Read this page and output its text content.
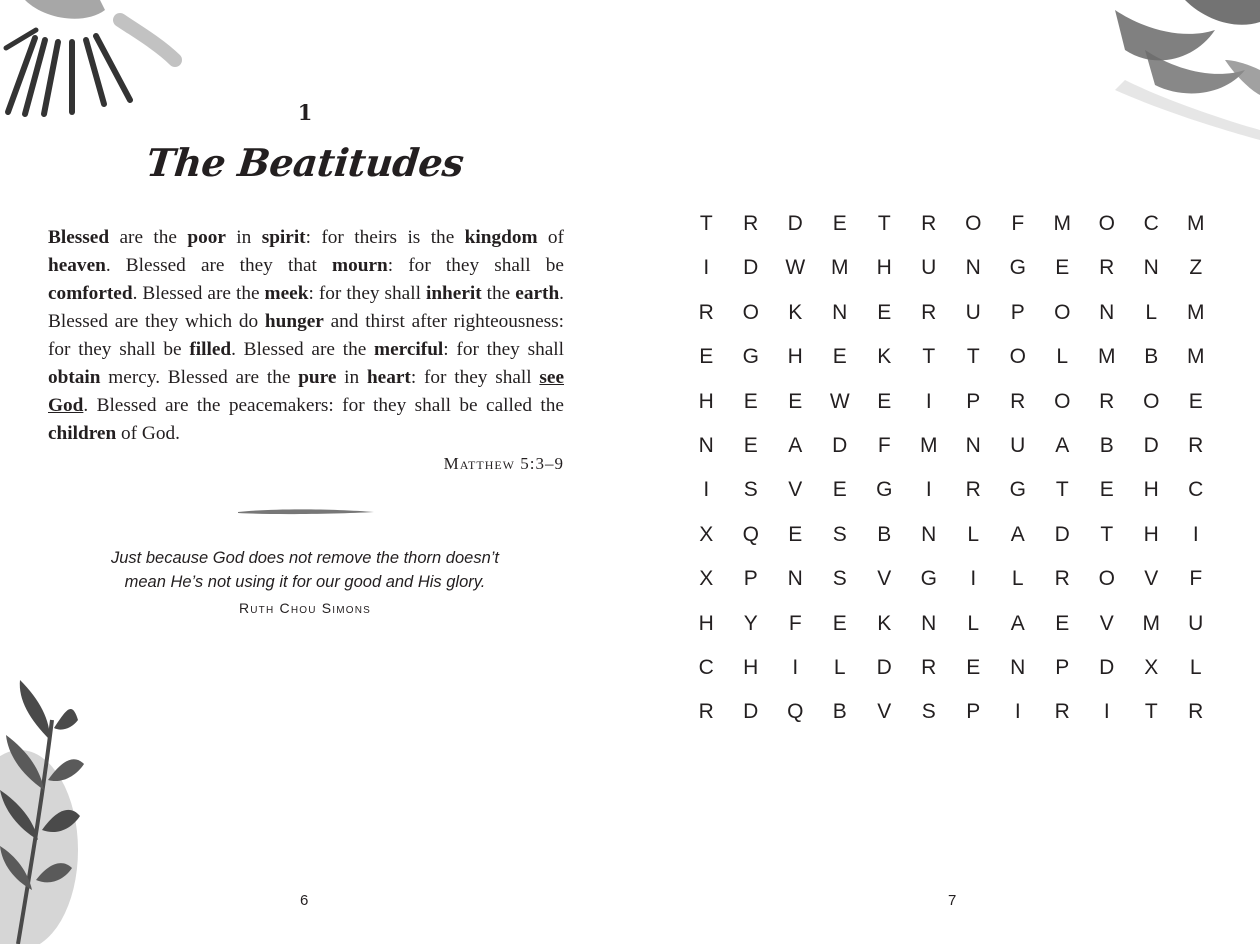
1
The Beatitudes
Blessed are the poor in spirit: for theirs is the kingdom of heaven. Blessed are they that mourn: for they shall be comforted. Blessed are the meek: for they shall inherit the earth. Blessed are they which do hunger and thirst after righteousness: for they shall be filled. Blessed are the merciful: for they shall obtain mercy. Blessed are the pure in heart: for they shall see God. Blessed are the peacemakers: for they shall be called the children of God.
Matthew 5:3–9
Just because God does not remove the thorn doesn’t
mean He’s not using it for our good and His glory.
Ruth Chou Simons
6
T	R	D	E	T	R	O	F	M	O	C	M
I	D	W	M	H	U	N	G	E	R	N	Z
R	O	K	N	E	R	U	P	O	N	L	M
E	G	H	E	K	T	T	O	L	M	B	M
H	E	E	W	E	I	P	R	O	R	O	E
N	E	A	D	F	M	N	U	A	B	D	R
I	S	V	E	G	I	R	G	T	E	H	C
X	Q	E	S	B	N	L	A	D	T	H	I
X	P	N	S	V	G	I	L	R	O	V	F
H	Y	F	E	K	N	L	A	E	V	M	U
C	H	I	L	D	R	E	N	P	D	X	L
R	D	Q	B	V	S	P	I	R	I	T	R
7
